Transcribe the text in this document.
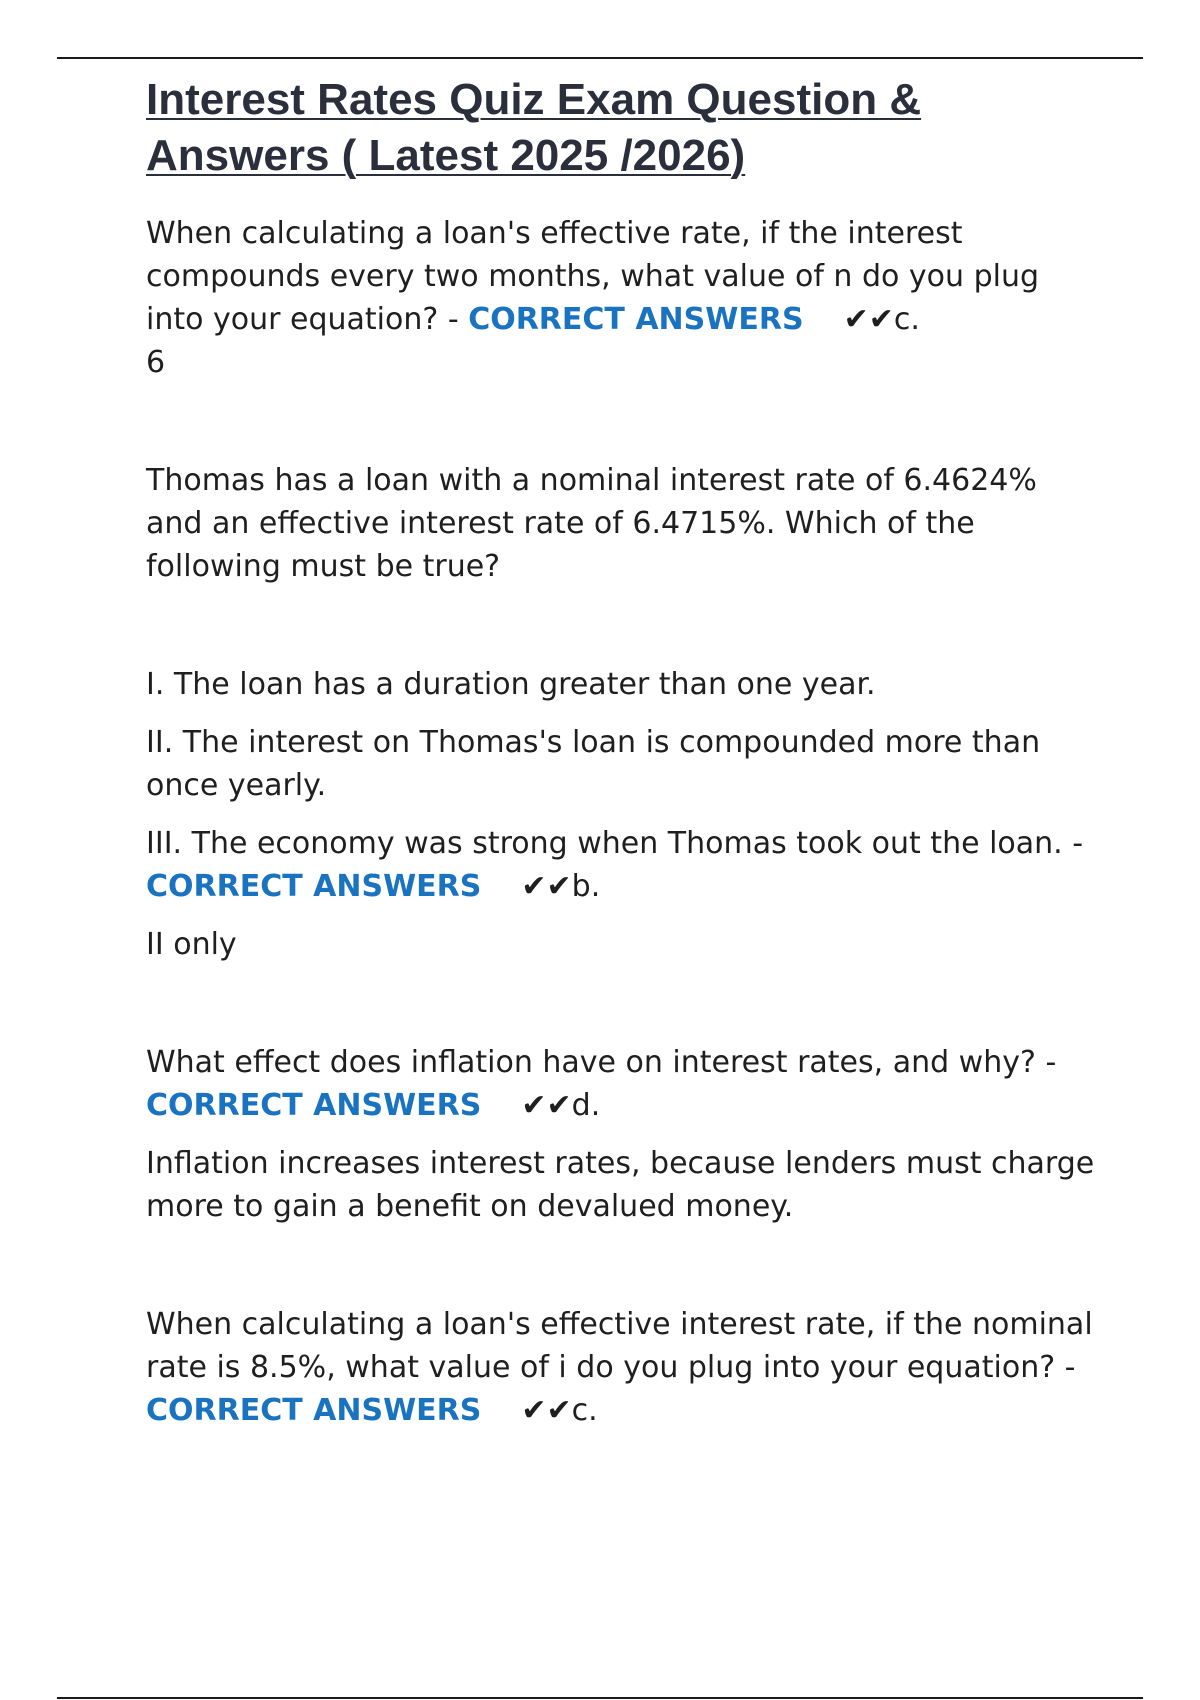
Interest Rates Quiz Exam Question & Answers ( Latest 2025 /2026)

When calculating a loan's effective rate, if the interest compounds every two months, what value of n do you plug into your equation? - CORRECT ANSWERS ✔✔c.
6

Thomas has a loan with a nominal interest rate of 6.4624% and an effective interest rate of 6.4715%. Which of the following must be true?

I. The loan has a duration greater than one year.

II. The interest on Thomas's loan is compounded more than once yearly.

III. The economy was strong when Thomas took out the loan. - CORRECT ANSWERS ✔✔b.

II only

What effect does inflation have on interest rates, and why? - CORRECT ANSWERS ✔✔d.

Inflation increases interest rates, because lenders must charge more to gain a benefit on devalued money.

When calculating a loan's effective interest rate, if the nominal rate is 8.5%, what value of i do you plug into your equation? - CORRECT ANSWERS ✔✔c.
